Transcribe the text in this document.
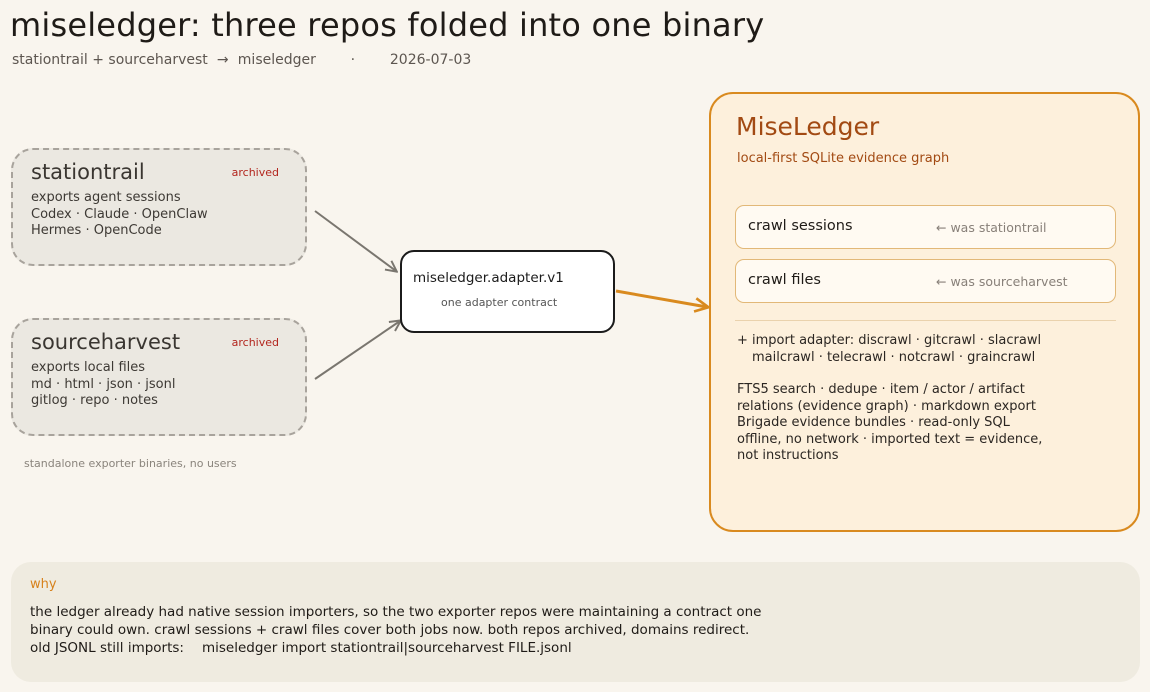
miseledger: three repos folded into one binary
stationtrail + sourceharvest → miseledger · 2026-07-03
stationtrail	archived
exports agent sessions
Codex · Claude · OpenClaw
Hermes · OpenCode
sourceharvest	archived
exports local files
md · html · json · jsonl
gitlog · repo · notes
standalone exporter binaries, no users
miseledger.adapter.v1
one adapter contract
MiseLedger
local-first SQLite evidence graph
crawl sessions	← was stationtrail
crawl files	← was sourceharvest
+ import adapter: discrawl · gitcrawl · slacrawl
mailcrawl · telecrawl · notcrawl · graincrawl
FTS5 search · dedupe · item / actor / artifact
relations (evidence graph) · markdown export
Brigade evidence bundles · read-only SQL
offline, no network · imported text = evidence,
not instructions
why
the ledger already had native session importers, so the two exporter repos were maintaining a contract one
binary could own. crawl sessions + crawl files cover both jobs now. both repos archived, domains redirect.
old JSONL still imports: miseledger import stationtrail|sourceharvest FILE.jsonl
